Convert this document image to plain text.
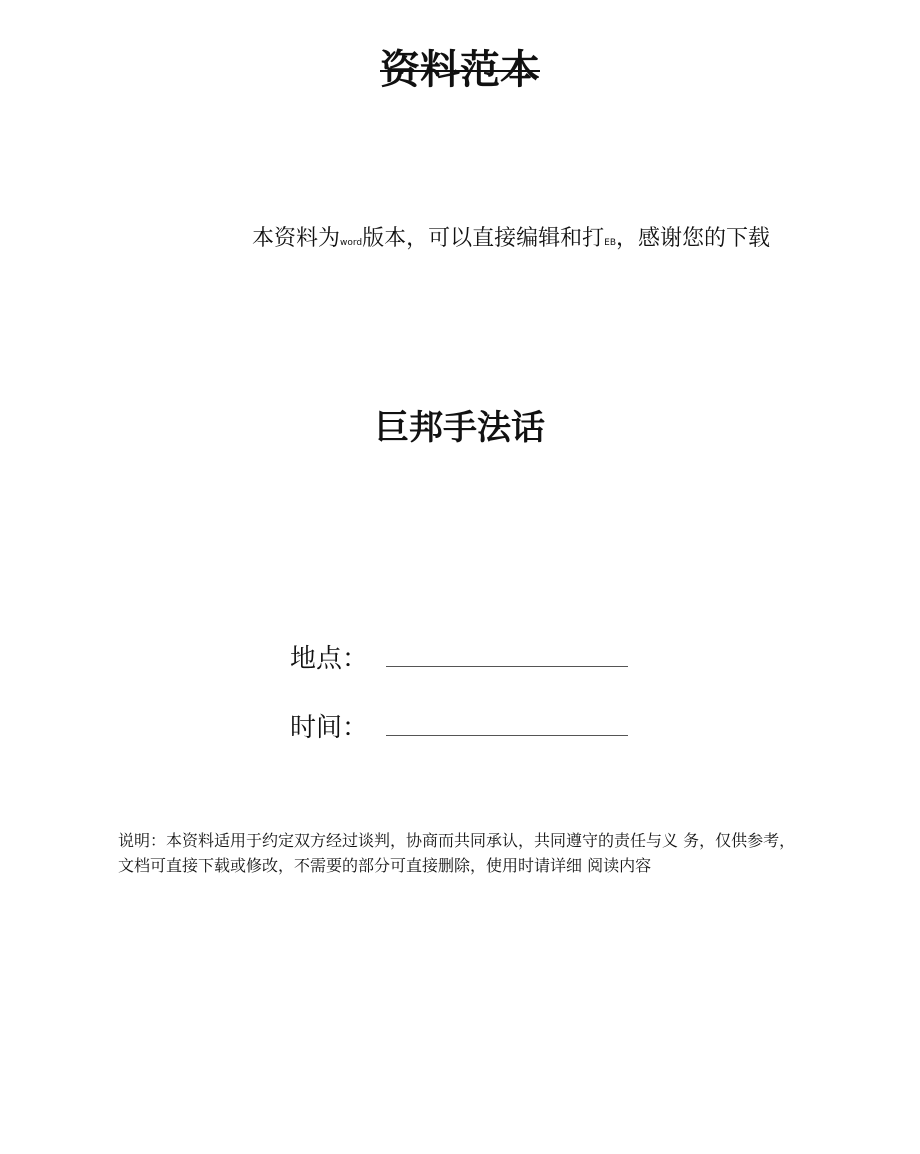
资料范本
本资料为word版本，可以直接编辑和打EB，感谢您的下载
巨邦手法话
地点：
时间：

说明：本资料适用于约定双方经过谈判，协商而共同承认，共同遵守的责任与义 务，仅供参考，文档可直接下载或修改，不需要的部分可直接删除，使用时请详细 阅读内容
